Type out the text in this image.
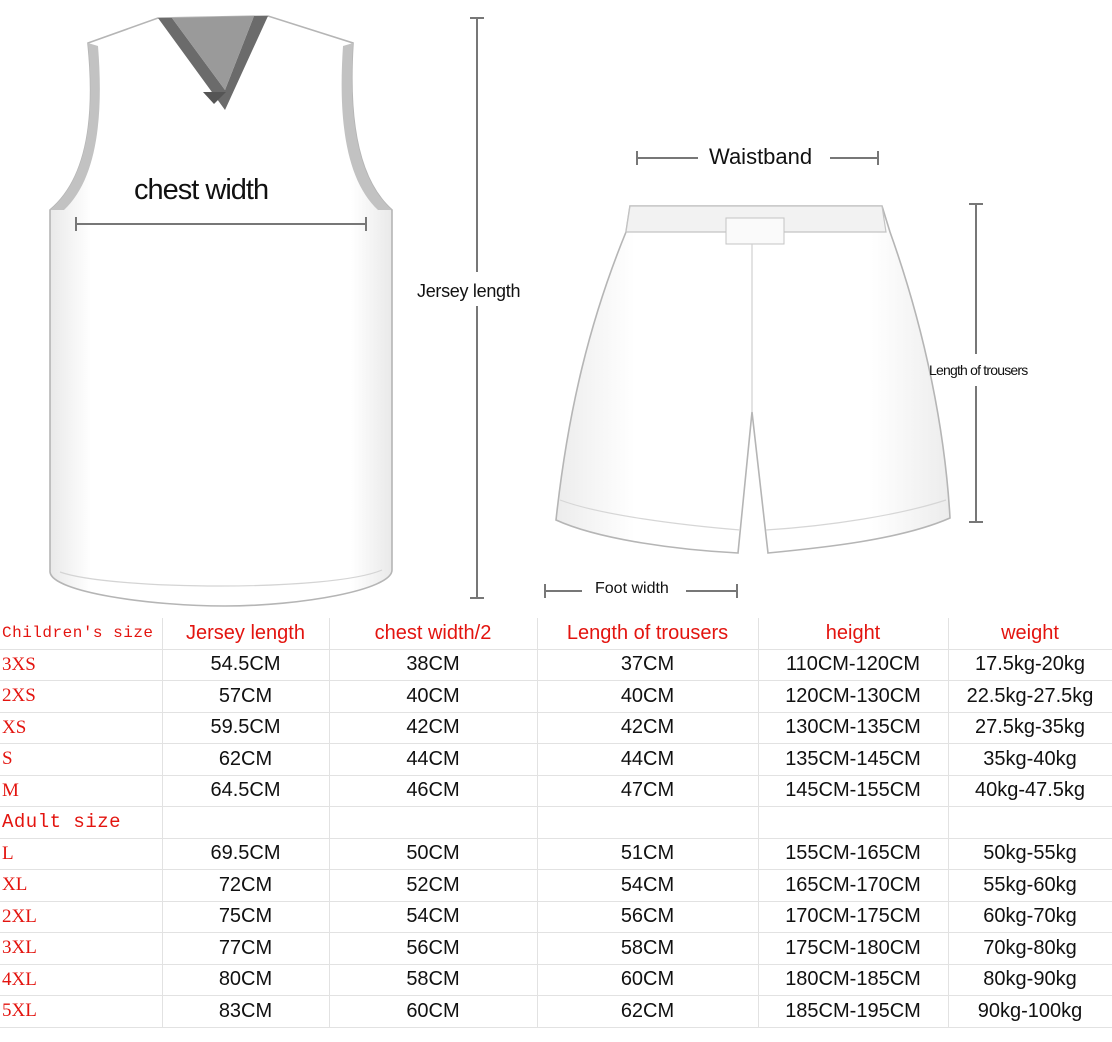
chest width
Jersey length
Waistband
Length of trousers
Foot width
Children's size	Jersey length	chest width/2	Length of trousers	height	weight
3XS	54.5CM	38CM	37CM	110CM-120CM	17.5kg-20kg
2XS	57CM	40CM	40CM	120CM-130CM	22.5kg-27.5kg
XS	59.5CM	42CM	42CM	130CM-135CM	27.5kg-35kg
S	62CM	44CM	44CM	135CM-145CM	35kg-40kg
M	64.5CM	46CM	47CM	145CM-155CM	40kg-47.5kg
Adult size					
L	69.5CM	50CM	51CM	155CM-165CM	50kg-55kg
XL	72CM	52CM	54CM	165CM-170CM	55kg-60kg
2XL	75CM	54CM	56CM	170CM-175CM	60kg-70kg
3XL	77CM	56CM	58CM	175CM-180CM	70kg-80kg
4XL	80CM	58CM	60CM	180CM-185CM	80kg-90kg
5XL	83CM	60CM	62CM	185CM-195CM	90kg-100kg
